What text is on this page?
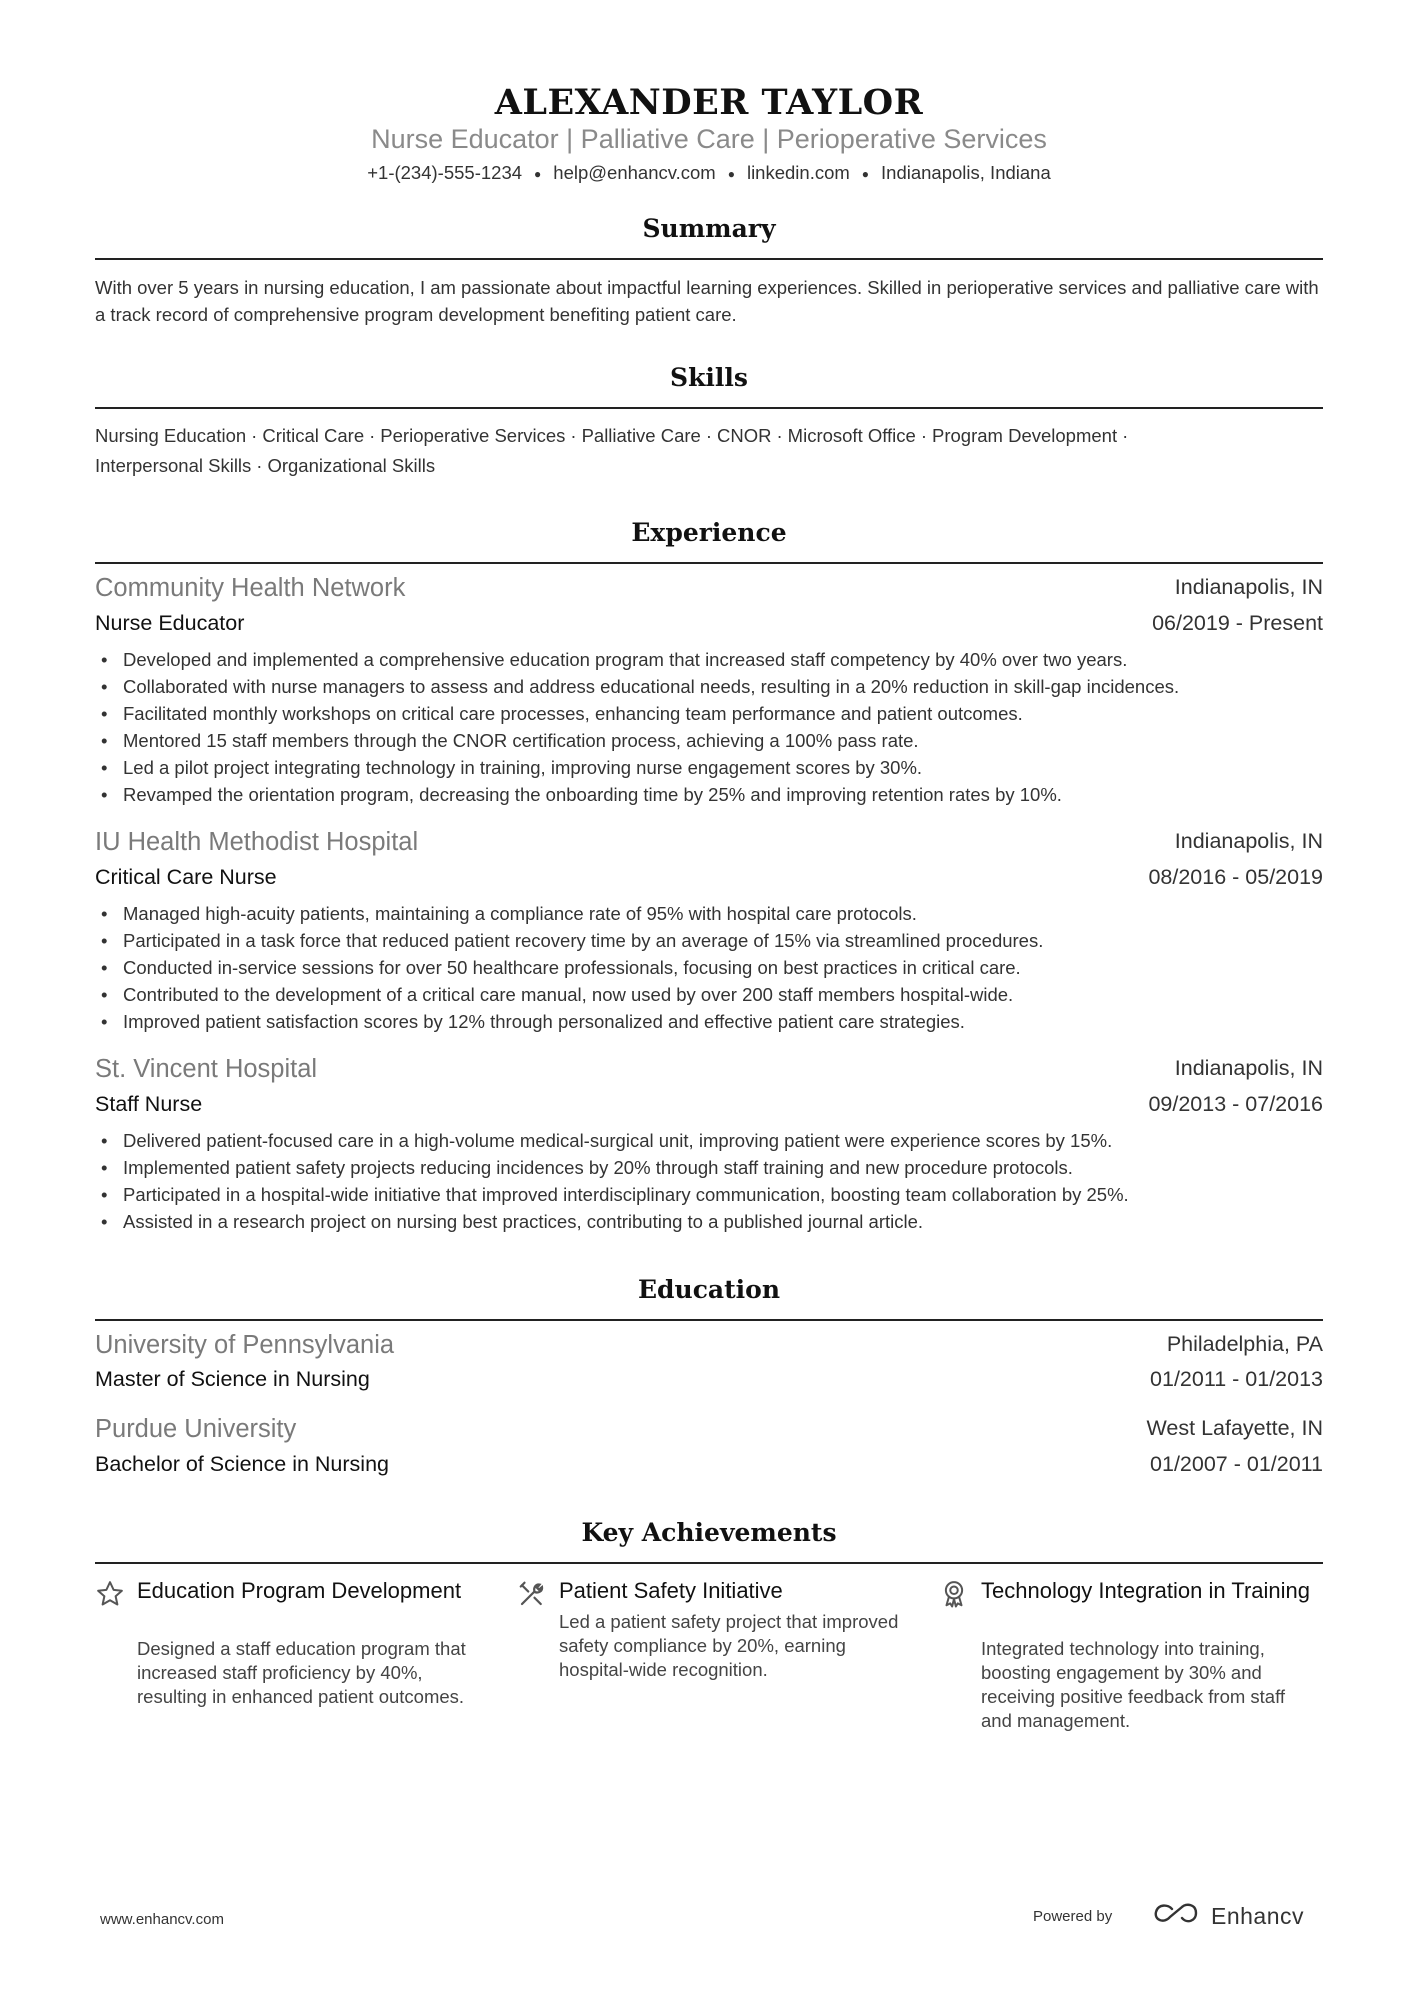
ALEXANDER TAYLOR
Nurse Educator | Palliative Care | Perioperative Services
+1-(234)-555-1234 ● help@enhancv.com ● linkedin.com ● Indianapolis, Indiana
Summary
With over 5 years in nursing education, I am passionate about impactful learning experiences. Skilled in perioperative services and palliative care with a track record of comprehensive program development benefiting patient care.
Skills
Nursing Education · Critical Care · Perioperative Services · Palliative Care · CNOR · Microsoft Office · Program Development ·
Interpersonal Skills · Organizational Skills
Experience
Community Health Network	Indianapolis, IN
Nurse Educator	06/2019 - Present
• Developed and implemented a comprehensive education program that increased staff competency by 40% over two years.
• Collaborated with nurse managers to assess and address educational needs, resulting in a 20% reduction in skill-gap incidences.
• Facilitated monthly workshops on critical care processes, enhancing team performance and patient outcomes.
• Mentored 15 staff members through the CNOR certification process, achieving a 100% pass rate.
• Led a pilot project integrating technology in training, improving nurse engagement scores by 30%.
• Revamped the orientation program, decreasing the onboarding time by 25% and improving retention rates by 10%.
IU Health Methodist Hospital	Indianapolis, IN
Critical Care Nurse	08/2016 - 05/2019
• Managed high-acuity patients, maintaining a compliance rate of 95% with hospital care protocols.
• Participated in a task force that reduced patient recovery time by an average of 15% via streamlined procedures.
• Conducted in-service sessions for over 50 healthcare professionals, focusing on best practices in critical care.
• Contributed to the development of a critical care manual, now used by over 200 staff members hospital-wide.
• Improved patient satisfaction scores by 12% through personalized and effective patient care strategies.
St. Vincent Hospital	Indianapolis, IN
Staff Nurse	09/2013 - 07/2016
• Delivered patient-focused care in a high-volume medical-surgical unit, improving patient were experience scores by 15%.
• Implemented patient safety projects reducing incidences by 20% through staff training and new procedure protocols.
• Participated in a hospital-wide initiative that improved interdisciplinary communication, boosting team collaboration by 25%.
• Assisted in a research project on nursing best practices, contributing to a published journal article.
Education
University of Pennsylvania	Philadelphia, PA
Master of Science in Nursing	01/2011 - 01/2013
Purdue University	West Lafayette, IN
Bachelor of Science in Nursing	01/2007 - 01/2011
Key Achievements
Education Program Development
Designed a staff education program that increased staff proficiency by 40%, resulting in enhanced patient outcomes.
Patient Safety Initiative
Led a patient safety project that improved safety compliance by 20%, earning hospital-wide recognition.
Technology Integration in Training
Integrated technology into training, boosting engagement by 30% and receiving positive feedback from staff and management.
www.enhancv.com	Powered by	Enhancv
